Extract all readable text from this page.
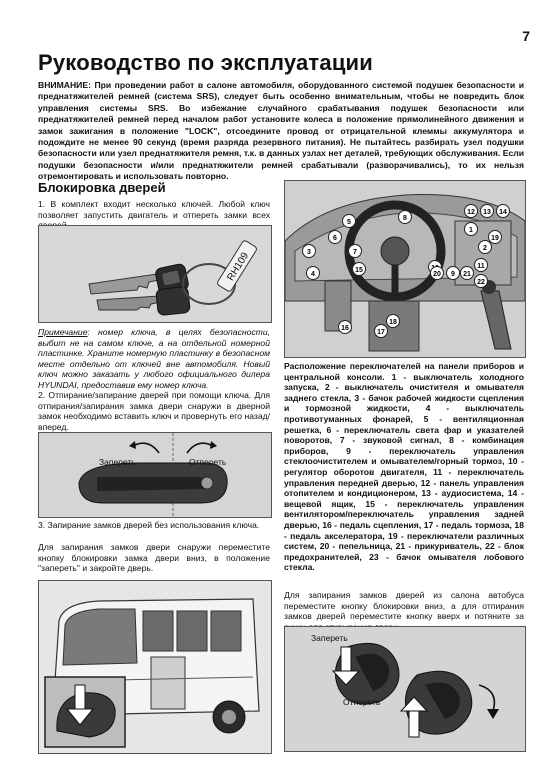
7
Руководство по эксплуатации

ВНИМАНИЕ: При проведении работ в салоне автомобиля, оборудованного системой подушек безопасности и преднатяжителей ремней (система SRS), следует быть особенно внимательным, чтобы не повредить блок управления системы SRS. Во избежание случайного срабатывания подушек безопасности или преднатяжителей ремней перед началом работ установите колеса в положение прямолинейного движения и замок зажигания в положение "LOCK", отсоедините провод от отрицательной клеммы аккумулятора и подождите не менее 90 секунд (время разряда резервного питания). Не пытайтесь разбирать узел подушки безопасности или узел преднатяжителя ремня, т.к. в данных узлах нет деталей, требующих обслуживания. Если подушки безопасности и/или преднатяжители ремней срабатывали (разворачивались), то их нельзя отремонтировать и использовать повторно.

Блокировка дверей

1. В комплект входит несколько ключей. Любой ключ позволяет запустить двигатель и отпереть замки всех

RH109

Примечание: номер ключа, в целях безопасности, выбит не на самом ключе, а на отдельной номерной пластинке. Храните номерную пластинку в безопасном месте отдельно от ключей вне автомобиля. Новый ключ можно заказать у любого официального дилера HYUNDAI, предоставив ему номер ключа.

2. Отпирание/запирание дверей при помощи ключа. Для отпирания/запирания замка двери снаружи в дверной замок необходимо вставить ключ и провернуть его назад/вперед.

Запереть	Отпереть

3. Запирание замков дверей без использования ключа.

Для запирания замков двери снаружи переместите кнопку блокировки замка двери вниз, в положение "запереть" и закройте дверь.

1
2
3
4
5
6
7
8
9
11
12 13 14
15
16
17
18
19
20	21
22

Расположение переключателей на панели приборов и центральной консоли. 1 - выключатель холодного запуска, 2 - выключатель очистителя и омывателя заднего стекла, 3 - бачок рабочей жидкости сцепления и тормозной жидкости, 4 - выключатель противотуманных фонарей, 5 - вентиляционная решетка, 6 - переключатель света фар и указателей поворотов, 7 - звуковой сигнал, 8 - комбинация приборов, 9 - переключатель управления стеклоочистителем и омывателем/горный тормоз, 10 - регулятор оборотов двигателя, 11 - переключатель управления передней дверью, 12 - панель управления отопителем и кондиционером, 13 - аудиосистема, 14 - вещевой ящик, 15 - переключатель управления вентилятором/переключатель управления задней дверью, 16 - педаль сцепления, 17 - педаль тормоза, 18 - педаль акселератора, 19 - переключатели различных систем, 20 - пепельница, 21 - прикуриватель, 22 - блок предохранителей, 23 - бачок омывателя лобового стекла.

Для запирания замков дверей из салона автобуса переместите кнопку блокировки вниз, а для отпирания замков дверей переместите кнопку вверх и потяните за

Запереть
Отпереть
